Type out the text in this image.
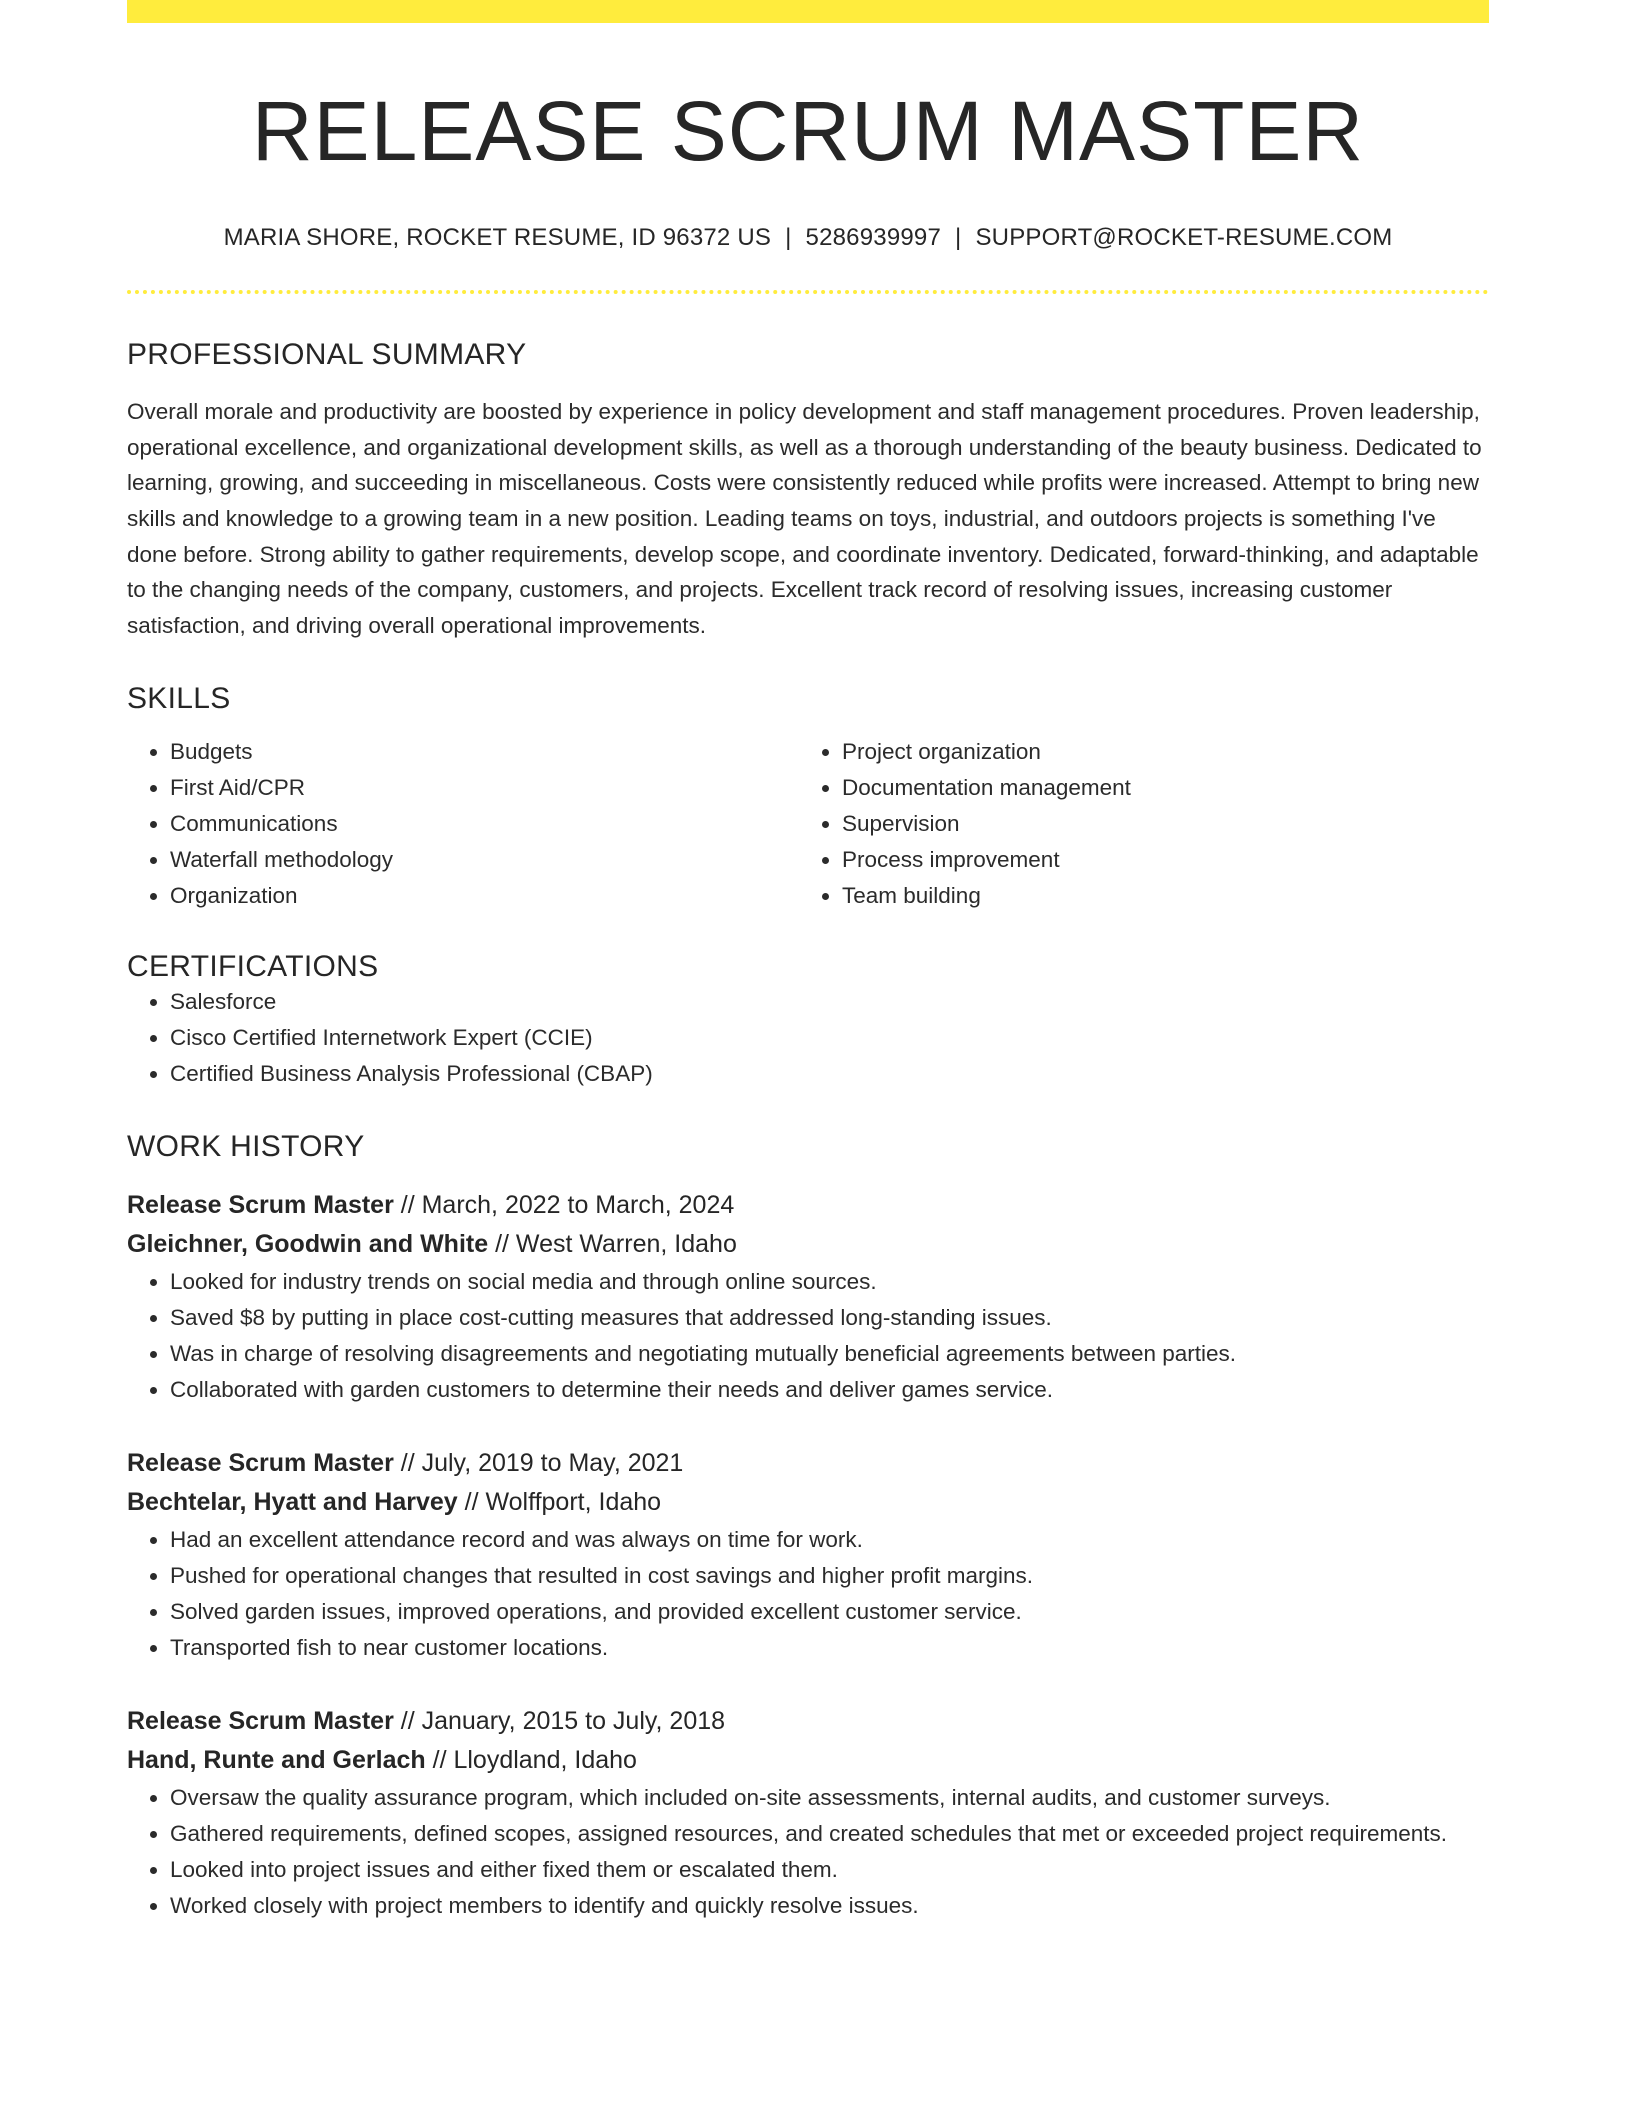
RELEASE SCRUM MASTER
MARIA SHORE, ROCKET RESUME, ID 96372 US | 5286939997 | SUPPORT@ROCKET-RESUME.COM
PROFESSIONAL SUMMARY

Overall morale and productivity are boosted by experience in policy development and staff management procedures. Proven leadership, operational excellence, and organizational development skills, as well as a thorough understanding of the beauty business. Dedicated to learning, growing, and succeeding in miscellaneous. Costs were consistently reduced while profits were increased. Attempt to bring new skills and knowledge to a growing team in a new position. Leading teams on toys, industrial, and outdoors projects is something I've done before. Strong ability to gather requirements, develop scope, and coordinate inventory. Dedicated, forward-thinking, and adaptable to the changing needs of the company, customers, and projects. Excellent track record of resolving issues, increasing customer satisfaction, and driving overall operational improvements.

SKILLS
• Budgets
• First Aid/CPR
• Communications
• Waterfall methodology
• Organization
• Project organization
• Documentation management
• Supervision
• Process improvement
• Team building
CERTIFICATIONS
• Salesforce
• Cisco Certified Internetwork Expert (CCIE)
• Certified Business Analysis Professional (CBAP)
WORK HISTORY
Release Scrum Master // March, 2022 to March, 2024
Gleichner, Goodwin and White // West Warren, Idaho
• Looked for industry trends on social media and through online sources.
• Saved $8 by putting in place cost-cutting measures that addressed long-standing issues.
• Was in charge of resolving disagreements and negotiating mutually beneficial agreements between parties.
• Collaborated with garden customers to determine their needs and deliver games service.
Release Scrum Master // July, 2019 to May, 2021
Bechtelar, Hyatt and Harvey // Wolffport, Idaho
• Had an excellent attendance record and was always on time for work.
• Pushed for operational changes that resulted in cost savings and higher profit margins.
• Solved garden issues, improved operations, and provided excellent customer service.
• Transported fish to near customer locations.
Release Scrum Master // January, 2015 to July, 2018
Hand, Runte and Gerlach // Lloydland, Idaho
• Oversaw the quality assurance program, which included on-site assessments, internal audits, and customer surveys.
• Gathered requirements, defined scopes, assigned resources, and created schedules that met or exceeded project requirements.
• Looked into project issues and either fixed them or escalated them.
• Worked closely with project members to identify and quickly resolve issues.
